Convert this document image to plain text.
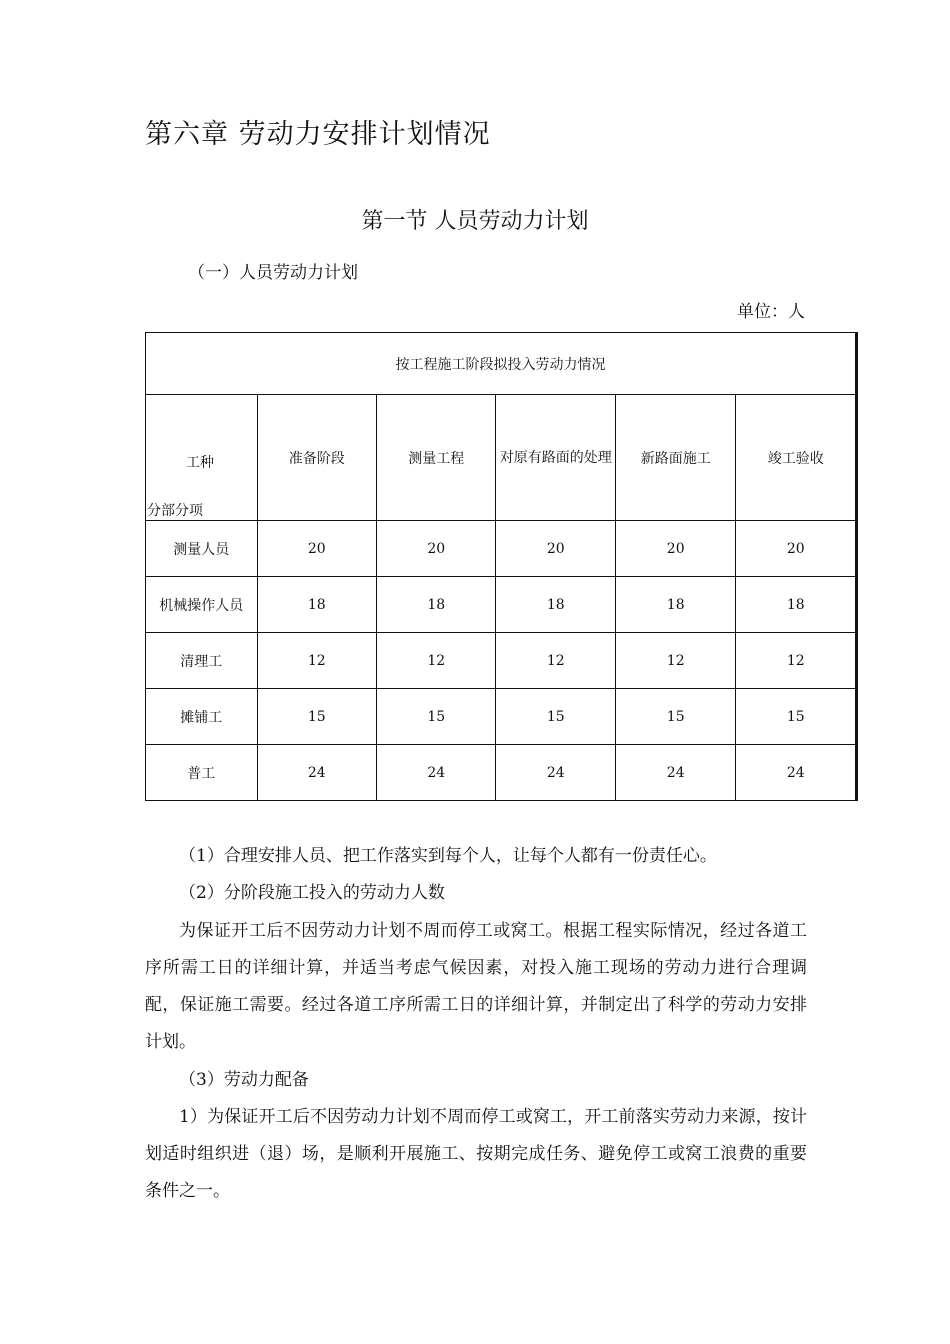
第六章 劳动力安排计划情况
第一节 人员劳动力计划
（一）人员劳动力计划
单位：人
按工程施工阶段拟投入劳动力情况					

工种
分部分项	准备阶段	测量工程	对原有路面的处理	新路面施工	竣工验收
测量人员	20	20	20	20	20
机械操作人员	18	18	18	18	18
清理工	12	12	12	12	12
摊铺工	15	15	15	15	15
普工	24	24	24	24	24

（1）合理安排人员、把工作落实到每个人，让每个人都有一份责任心。

（2）分阶段施工投入的劳动力人数

为保证开工后不因劳动力计划不周而停工或窝工。根据工程实际情况，经过各道工序所需工日的详细计算，并适当考虑气候因素，对投入施工现场的劳动力进行合理调配，保证施工需要。经过各道工序所需工日的详细计算，并制定出了科学的劳动力安排计划。

（3）劳动力配备

1）为保证开工后不因劳动力计划不周而停工或窝工，开工前落实劳动力来源，按计划适时组织进（退）场，是顺利开展施工、按期完成任务、避免停工或窝工浪费的重要条件之一。
